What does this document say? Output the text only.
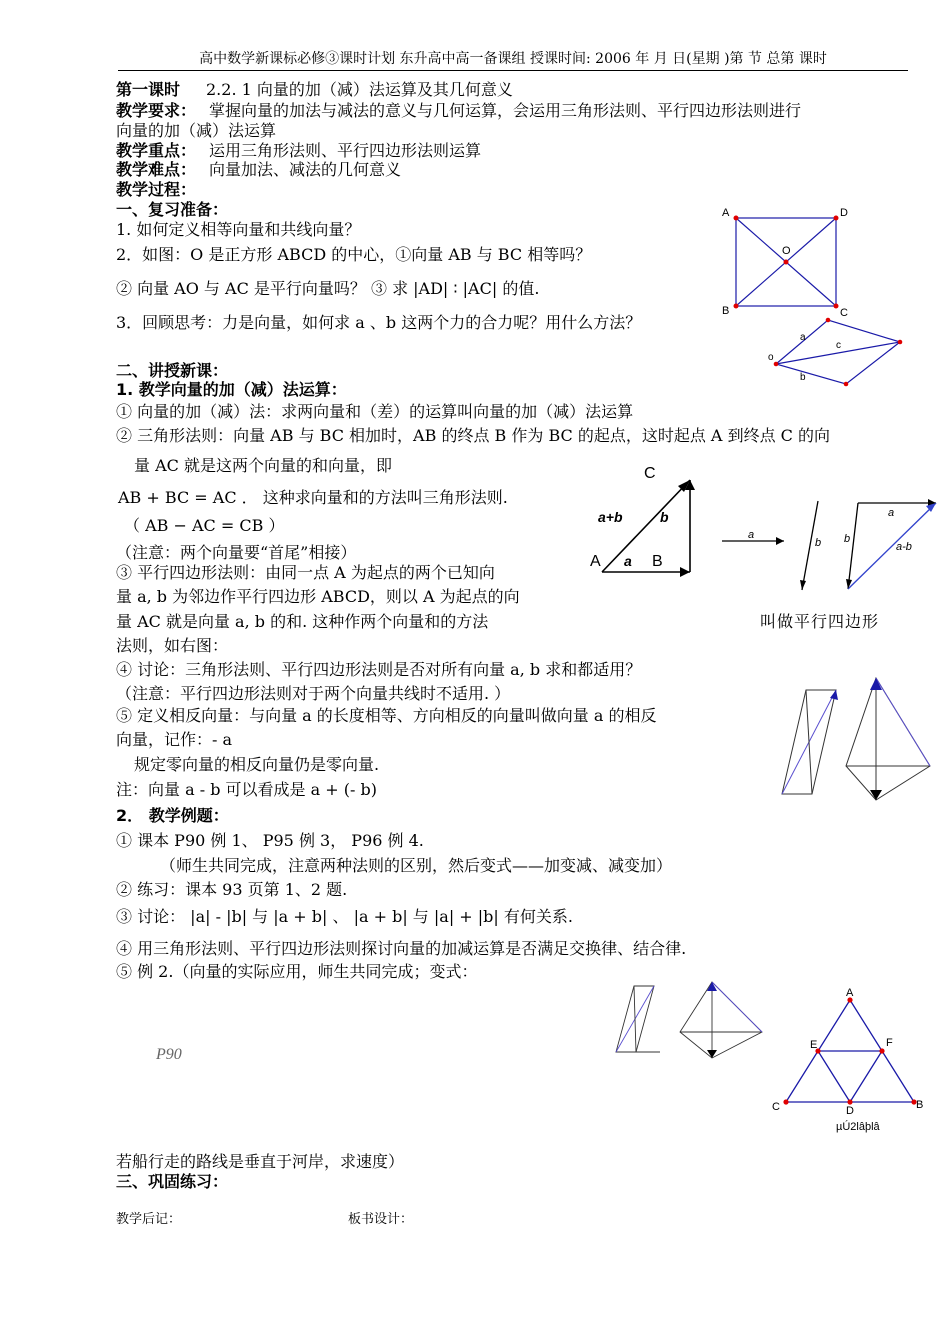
高中数学新课标必修③课时计划 东升高中高一备课组 授课时间: 2006 年 月 日(星期 )第 节 总第 课时
第一课时 2.2. 1 向量的加（减）法运算及其几何意义
教学要求： 掌握向量的加法与减法的意义与几何运算，会运用三角形法则、平行四边形法则进行
向量的加（减）法运算
教学重点： 运用三角形法则、平行四边形法则运算
教学难点： 向量加法、减法的几何意义
教学过程：
一、复习准备：
1. 如何定义相等向量和共线向量？
2．如图：O 是正方形 ABCD 的中心，①向量 AB 与 BC 相等吗？
② 向量 AO 与 AC 是平行向量吗？ ③ 求 |AD| ∶ |AC| 的值.
3．回顾思考：力是向量，如何求 a 、b 这两个力的合力呢？用什么方法？
A	D
O
B	C
a
c
o
b
二、讲授新课：
1. 教学向量的加（减）法运算：
① 向量的加（减）法：求两向量和（差）的运算叫向量的加（减）法运算
② 三角形法则：向量 AB 与 BC 相加时，AB 的终点 B 作为 BC 的起点，这时起点 A 到终点 C 的向
量 AC 就是这两个向量的和向量，即
AB + BC = AC ． 这种求向量和的方法叫三角形法则.
（ AB − AC = CB ）
（注意：两个向量要“首尾”相接）
③ 平行四边形法则：由同一点 A 为起点的两个已知向
量 a, b 为邻边作平行四边形 ABCD，则以 A 为起点的向
量 AC 就是向量 a, b 的和. 这种作两个向量和的方法
法则，如右图：
叫做平行四边形
C
a+b	b
A a B
a
b b
a
a-b
④ 讨论：三角形法则、平行四边形法则是否对所有向量 a, b 求和都适用？
（注意：平行四边形法则对于两个向量共线时不适用. ）
⑤ 定义相反向量：与向量 a 的长度相等、方向相反的向量叫做向量 a 的相反
向量，记作：- a
规定零向量的相反向量仍是零向量.
注：向量 a - b 可以看成是 a + (- b)
2． 教学例题：
① 课本 P90 例 1、 P95 例 3， P96 例 4.
（师生共同完成，注意两种法则的区别，然后变式——加变减、减变加）
② 练习：课本 93 页第 1、2 题.
③ 讨论： |a| - |b| 与 |a + b| 、 |a + b| 与 |a| + |b| 有何关系.
④ 用三角形法则、平行四边形法则探讨向量的加减运算是否满足交换律、结合律.
⑤ 例 2.（向量的实际应用，师生共同完成；变式：
P90
A
E	F
C	D	B
µÚ2lâþlâ
若船行走的路线是垂直于河岸，求速度）
三、巩固练习：
教学后记：	板书设计：
